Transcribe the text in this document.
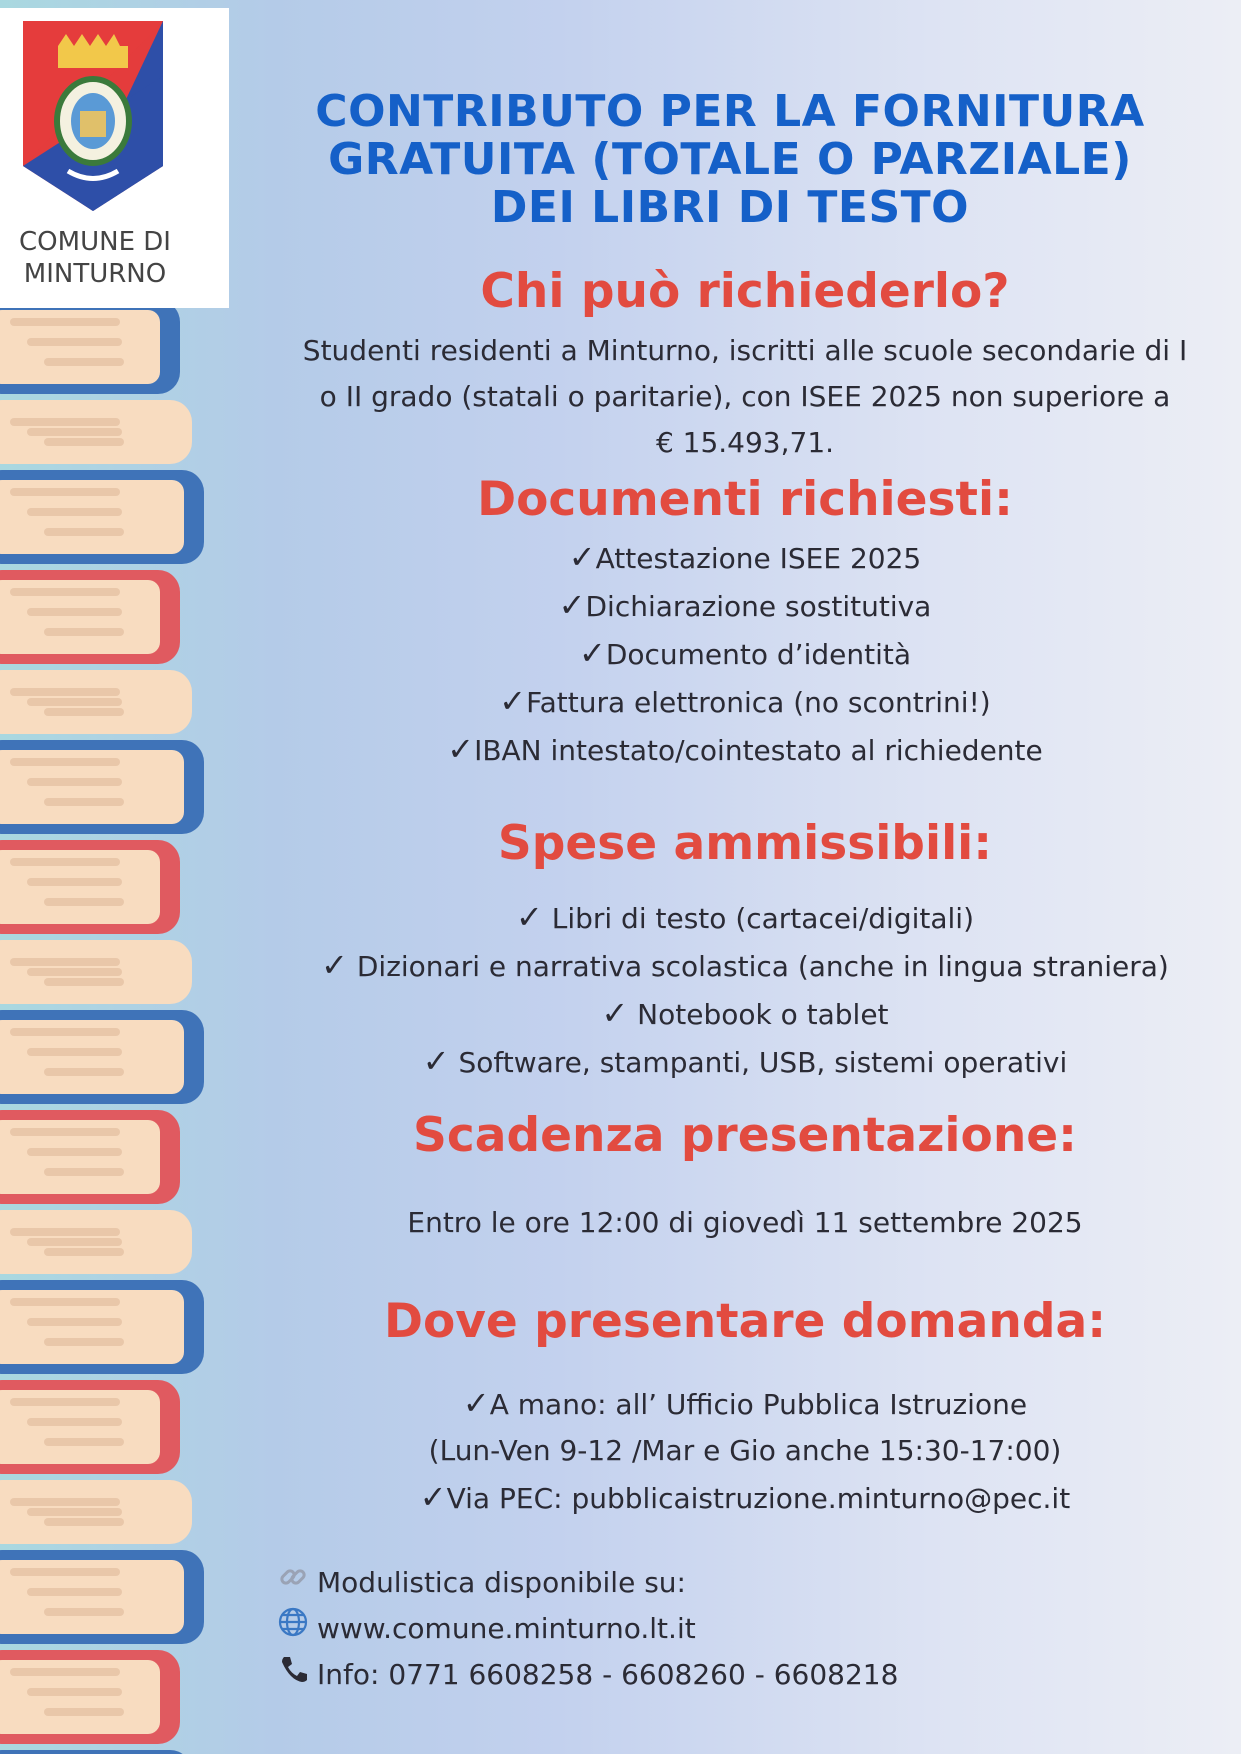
COMUNE DI
MINTURNO
CONTRIBUTO PER LA FORNITURA
GRATUITA (TOTALE O PARZIALE)
DEI LIBRI DI TESTO
Chi può richiederlo?
Studenti residenti a Minturno, iscritti alle scuole secondarie di I
o II grado (statali o paritarie), con ISEE 2025 non superiore a
€ 15.493,71.
Documenti richiesti:
✓Attestazione ISEE 2025
✓Dichiarazione sostitutiva
✓Documento d’identità
✓Fattura elettronica (no scontrini!)
✓IBAN intestato/cointestato al richiedente
Spese ammissibili:
✓ Libri di testo (cartacei/digitali)
✓ Dizionari e narrativa scolastica (anche in lingua straniera)
✓ Notebook o tablet
✓ Software, stampanti, USB, sistemi operativi
Scadenza presentazione:
Entro le ore 12:00 di giovedì 11 settembre 2025
Dove presentare domanda:
✓A mano: all’ Ufficio Pubblica Istruzione
(Lun-Ven 9-12 /Mar e Gio anche 15:30-17:00)
✓Via PEC: pubblicaistruzione.minturno@pec.it
Modulistica disponibile su:
www.comune.minturno.lt.it
Info: 0771 6608258 - 6608260 - 6608218
